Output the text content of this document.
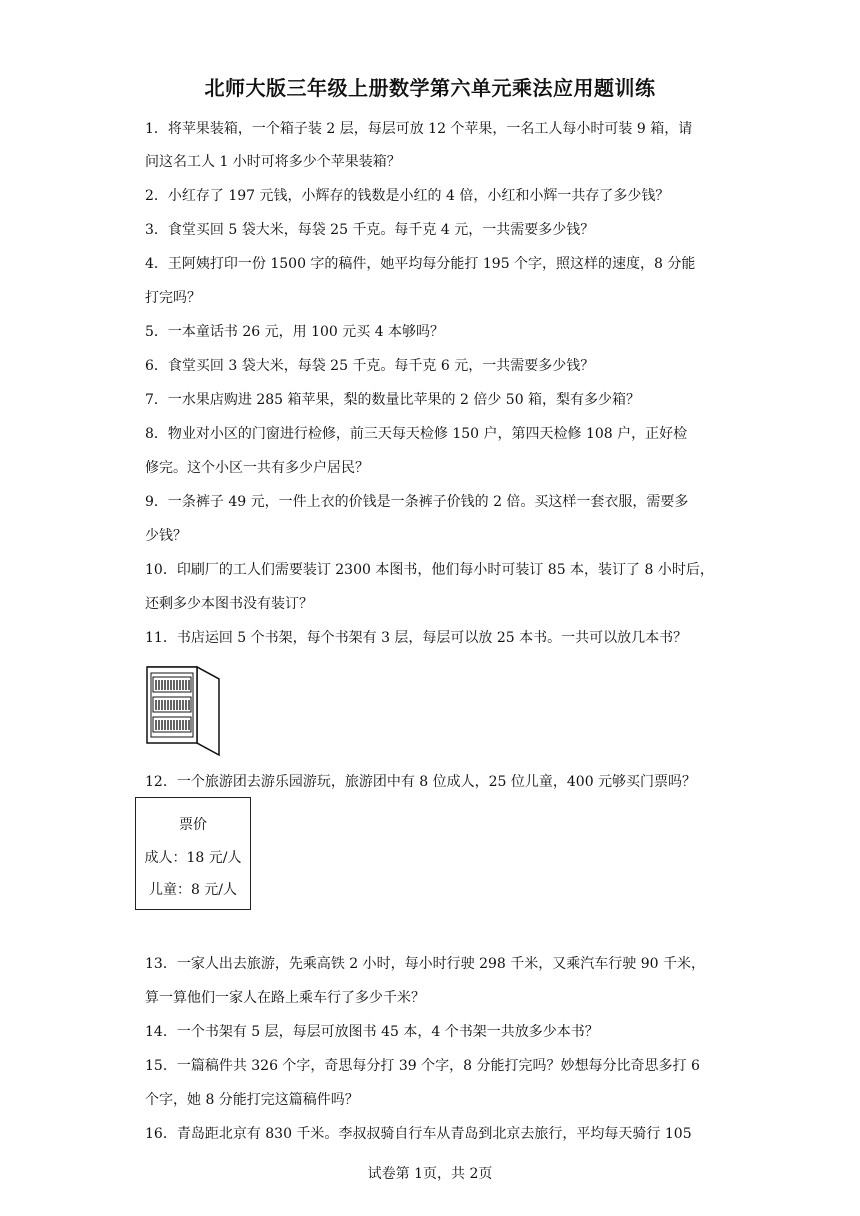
北师大版三年级上册数学第六单元乘法应用题训练
1．将苹果装箱，一个箱子装 2 层，每层可放 12 个苹果，一名工人每小时可装 9 箱，请
问这名工人 1 小时可将多少个苹果装箱？
2．小红存了 197 元钱，小辉存的钱数是小红的 4 倍，小红和小辉一共存了多少钱？
3．食堂买回 5 袋大米，每袋 25 千克。每千克 4 元，一共需要多少钱？
4．王阿姨打印一份 1500 字的稿件，她平均每分能打 195 个字，照这样的速度，8 分能
打完吗？
5．一本童话书 26 元，用 100 元买 4 本够吗？
6．食堂买回 3 袋大米，每袋 25 千克。每千克 6 元，一共需要多少钱？
7．一水果店购进 285 箱苹果，梨的数量比苹果的 2 倍少 50 箱，梨有多少箱？
8．物业对小区的门窗进行检修，前三天每天检修 150 户，第四天检修 108 户，正好检
修完。这个小区一共有多少户居民？
9．一条裤子 49 元，一件上衣的价钱是一条裤子价钱的 2 倍。买这样一套衣服，需要多
少钱？
10．印刷厂的工人们需要装订 2300 本图书，他们每小时可装订 85 本，装订了 8 小时后，
还剩多少本图书没有装订？
11．书店运回 5 个书架，每个书架有 3 层，每层可以放 25 本书。一共可以放几本书？
12．一个旅游团去游乐园游玩，旅游团中有 8 位成人，25 位儿童，400 元够买门票吗？
票价
成人：18 元/人
儿童：8 元/人
13．一家人出去旅游，先乘高铁 2 小时，每小时行驶 298 千米，又乘汽车行驶 90 千米，
算一算他们一家人在路上乘车行了多少千米？
14．一个书架有 5 层，每层可放图书 45 本，4 个书架一共放多少本书？
15．一篇稿件共 326 个字，奇思每分打 39 个字，8 分能打完吗？妙想每分比奇思多打 6
个字，她 8 分能打完这篇稿件吗？
16．青岛距北京有 830 千米。李叔叔骑自行车从青岛到北京去旅行，平均每天骑行 105
试卷第 1页，共 2页
